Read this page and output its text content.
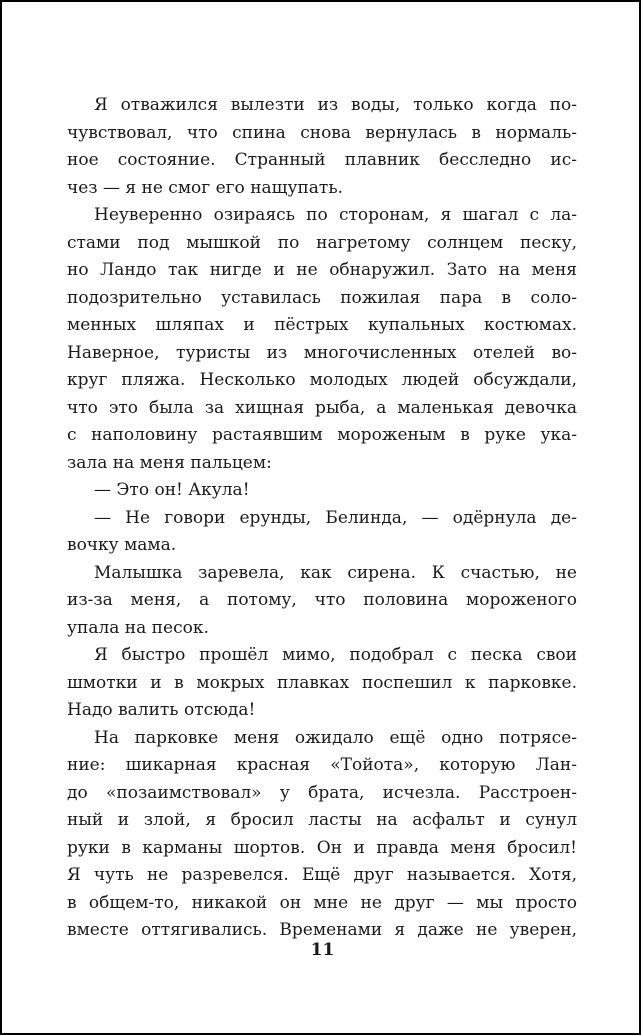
Я отважился вылезти из воды, только когда по-
чувствовал, что спина снова вернулась в нормаль-
ное состояние. Странный плавник бесследно ис-
чез — я не смог его нащупать.
Неуверенно озираясь по сторонам, я шагал с ла-
стами под мышкой по нагретому солнцем песку,
но Ландо так нигде и не обнаружил. Зато на меня
подозрительно уставилась пожилая пара в соло-
менных шляпах и пёстрых купальных костюмах.
Наверное, туристы из многочисленных отелей во-
круг пляжа. Несколько молодых людей обсуждали,
что это была за хищная рыба, а маленькая девочка
с наполовину растаявшим мороженым в руке ука-
зала на меня пальцем:
— Это он! Акула!
— Не говори ерунды, Белинда, — одёрнула де-
вочку мама.
Малышка заревела, как сирена. К счастью, не
из-за меня, а потому, что половина мороженого
упала на песок.
Я быстро прошёл мимо, подобрал с песка свои
шмотки и в мокрых плавках поспешил к парковке.
Надо валить отсюда!
На парковке меня ожидало ещё одно потрясе-
ние: шикарная красная «Тойота», которую Лан-
до «позаимствовал» у брата, исчезла. Расстроен-
ный и злой, я бросил ласты на асфальт и сунул
руки в карманы шортов. Он и правда меня бросил!
Я чуть не разревелся. Ещё друг называется. Хотя,
в общем-то, никакой он мне не друг — мы просто
вместе оттягивались. Временами я даже не уверен,
11
